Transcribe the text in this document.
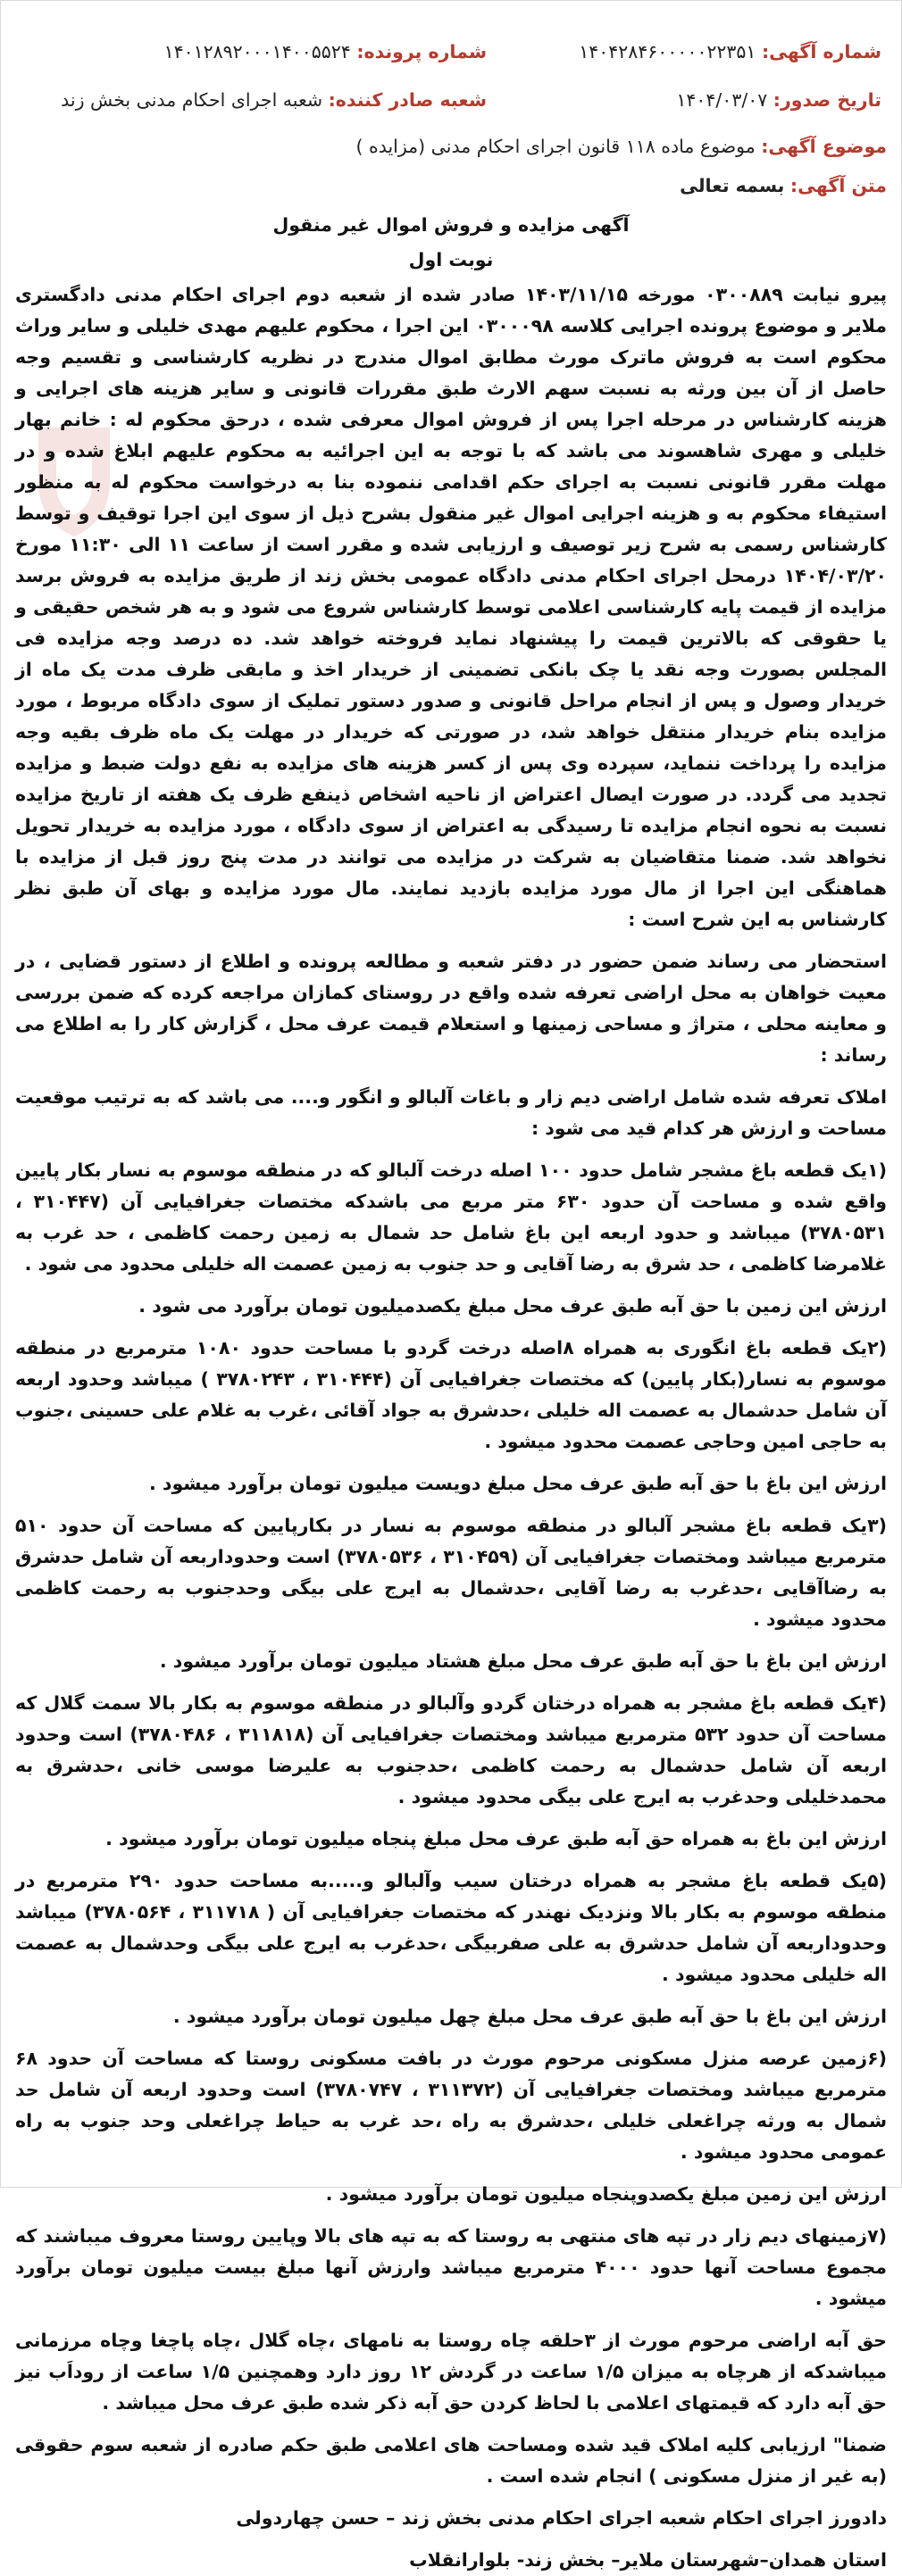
شماره آگهی: ۱۴۰۴۲۸۴۶۰۰۰۰۰۲۲۳۵۱
شماره پرونده: ۱۴۰۱۲۸۹۲۰۰۰۱۴۰۰۵۵۲۴
تاریخ صدور: ۱۴۰۴/۰۳/۰۷
شعبه صادر کننده: شعبه اجرای احکام مدنی بخش زند
موضوع آگهی: موضوع ماده ۱۱۸ قانون اجرای احکام مدنی (مزایده )
متن آگهی: بسمه تعالی
آگهی مزایده و فروش اموال غیر منقول
نوبت اول

پیرو نیابت ۰۳۰۰۸۸۹ مورخه ۱۴۰۳/۱۱/۱۵ صادر شده از شعبه دوم اجرای احکام مدنی دادگستری ملایر و موضوع پرونده اجرایی کلاسه ۰۳۰۰۰۹۸ این اجرا ، محکوم علیهم مهدی خلیلی و سایر وراث محکوم است به فروش ماترک مورث مطابق اموال مندرج در نظریه کارشناسی و تقسیم وجه حاصل از آن بین ورثه به نسبت سهم الارث طبق مقررات قانونی و سایر هزینه های اجرایی و هزینه کارشناس در مرحله اجرا پس از فروش اموال معرفی شده ، درحق محکوم له : خانم بهار خلیلی و مهری شاهسوند می باشد که با توجه به این اجرائیه به محکوم علیهم ابلاغ شده و در مهلت مقرر قانونی نسبت به اجرای حکم اقدامی ننموده بنا به درخواست محکوم له به منظور استیفاء محکوم به و هزینه اجرایی اموال غیر منقول بشرح ذیل از سوی این اجرا توقیف و توسط کارشناس رسمی به شرح زیر توصیف و ارزیابی شده و مقرر است از ساعت ۱۱ الی ۱۱:۳۰ مورخ ۱۴۰۴/۰۳/۲۰ درمحل اجرای احکام مدنی دادگاه عمومی بخش زند از طریق مزایده به فروش برسد مزایده از قیمت پایه کارشناسی اعلامی توسط کارشناس شروع می شود و به هر شخص حقیقی و یا حقوقی که بالاترین قیمت را پیشنهاد نماید فروخته خواهد شد. ده درصد وجه مزایده فی المجلس بصورت وجه نقد یا چک بانکی تضمینی از خریدار اخذ و مابقی ظرف مدت یک ماه از خریدار وصول و پس از انجام مراحل قانونی و صدور دستور تملیک از سوی دادگاه مربوط ، مورد مزایده بنام خریدار منتقل خواهد شد، در صورتی که خریدار در مهلت یک ماه ظرف بقیه وجه مزایده را پرداخت ننماید، سپرده وی پس از کسر هزینه های مزایده به نفع دولت ضبط و مزایده تجدید می گردد. در صورت ایصال اعتراض از ناحیه اشخاص ذینفع ظرف یک هفته از تاریخ مزایده نسبت به نحوه انجام مزایده تا رسیدگی به اعتراض از سوی دادگاه ، مورد مزایده به خریدار تحویل نخواهد شد. ضمنا متقاضیان به شرکت در مزایده می توانند در مدت پنج روز قبل از مزایده با هماهنگی این اجرا از مال مورد مزایده بازدید نمایند. مال مورد مزایده و بهای آن طبق نظر کارشناس به این شرح است :

استحضار می رساند ضمن حضور در دفتر شعبه و مطالعه پرونده و اطلاع از دستور قضایی ، در معیت خواهان به محل اراضی تعرفه شده واقع در روستای کمازان مراجعه کرده که ضمن بررسی و معاینه محلی ، متراژ و مساحی زمینها و استعلام قیمت عرف محل ، گزارش کار را به اطلاع می رساند :

املاک تعرفه شده شامل اراضی دیم زار و باغات آلبالو و انگور و.... می باشد که به ترتیب موقعیت مساحت و ارزش هر کدام قید می شود :

(۱یک قطعه باغ مشجر شامل حدود ۱۰۰ اصله درخت آلبالو که در منطقه موسوم به نسار بکار پایین واقع شده و مساحت آن حدود ۶۳۰ متر مربع می باشدکه مختصات جغرافیایی آن (۳۱۰۴۴۷ ، ۳۷۸۰۵۳۱) میباشد و حدود اربعه این باغ شامل حد شمال به زمین رحمت کاظمی ، حد غرب به غلامرضا کاظمی ، حد شرق به رضا آقایی و حد جنوب به زمین عصمت اله خلیلی محدود می شود .

ارزش این زمین با حق آبه طبق عرف محل مبلغ یکصدمیلیون تومان برآورد می شود .

(۲یک قطعه باغ انگوری به همراه ۸اصله درخت گردو با مساحت حدود ۱۰۸۰ مترمربع در منطقه موسوم به نسار(بکار پایین) که مختصات جغرافیایی آن (۳۱۰۴۴۴ ، ۳۷۸۰۲۴۳ ) میباشد وحدود اربعه آن شامل حدشمال به عصمت اله خلیلی ،حدشرق به جواد آقائی ،غرب به غلام علی حسینی ،جنوب به حاجی امین وحاجی عصمت محدود میشود .

ارزش این باغ با حق آبه طبق عرف محل مبلغ دویست میلیون تومان برآورد میشود .

(۳یک قطعه باغ مشجر آلبالو در منطقه موسوم به نسار در بکارپایین که مساحت آن حدود ۵۱۰ مترمربع میباشد ومختصات جغرافیایی آن (۳۱۰۴۵۹ ، ۳۷۸۰۵۳۶) است وحدوداربعه آن شامل حدشرق به رضاآقایی ،حدغرب به رضا آقایی ،حدشمال به ایرج علی بیگی وحدجنوب به رحمت کاظمی محدود میشود .

ارزش این باغ با حق آبه طبق عرف محل مبلغ هشتاد میلیون تومان برآورد میشود .

(۴یک قطعه باغ مشجر به همراه درختان گردو وآلبالو در منطقه موسوم به بکار بالا سمت گلال که مساحت آن حدود ۵۳۲ مترمربع میباشد ومختصات جغرافیایی آن (۳۱۱۸۱۸ ، ۳۷۸۰۴۸۶) است وحدود اربعه آن شامل حدشمال به رحمت کاظمی ،حدجنوب به علیرضا موسی خانی ،حدشرق به محمدخلیلی وحدغرب به ایرج علی بیگی محدود میشود .

ارزش این باغ به همراه حق آبه طبق عرف محل مبلغ پنجاه میلیون تومان برآورد میشود .

(۵یک قطعه باغ مشجر به همراه درختان سیب وآلبالو و.....به مساحت حدود ۲۹۰ مترمربع در منطقه موسوم به بکار بالا ونزدیک نهندر که مختصات جغرافیایی آن ( ۳۱۱۷۱۸ ، ۳۷۸۰۵۶۴) میباشد وحدوداربعه آن شامل حدشرق به علی صفربیگی ،حدغرب به ایرج علی بیگی وحدشمال به عصمت اله خلیلی محدود میشود .

ارزش این باغ با حق آبه طبق عرف محل مبلغ چهل میلیون تومان برآورد میشود .

(۶زمین عرصه منزل مسکونی مرحوم مورث در بافت مسکونی روستا که مساحت آن حدود ۶۸ مترمربع میباشد ومختصات جغرافیایی آن (۳۱۱۳۷۲ ، ۳۷۸۰۷۴۷) است وحدود اربعه آن شامل حد شمال به ورثه چراغعلی خلیلی ،حدشرق به راه ،حد غرب به حیاط چراغعلی وحد جنوب به راه عمومی محدود میشود .

ارزش این زمین مبلغ یکصدوپنجاه میلیون تومان برآورد میشود .

(۷زمینهای دیم زار در تپه های منتهی به روستا که به تپه های بالا وپایین روستا معروف میباشند که مجموع مساحت آنها حدود ۴۰۰۰ مترمربع میباشد وارزش آنها مبلغ بیست میلیون تومان برآورد میشود .

حق آبه اراضی مرحوم مورث از ۳حلقه چاه روستا به نامهای ،چاه گلال ،چاه پاچغا وچاه مرزمانی میباشدکه از هرچاه به میزان ۱/۵ ساعت در گردش ۱۲ روز دارد وهمچنین ۱/۵ ساعت از روداَب نیز حق آبه دارد که قیمتهای اعلامی با لحاظ کردن حق آبه ذکر شده طبق عرف محل میباشد .

ضمنا" ارزیابی کلیه املاک قید شده ومساحت های اعلامی طبق حکم صادره از شعبه سوم حقوقی (به غیر از منزل مسکونی ) انجام شده است .

دادورز اجرای احکام شعبه اجرای احکام مدنی بخش زند – حسن چهاردولی

استان همدان–شهرستان ملایر– بخش زند- بلوارانقلاب
